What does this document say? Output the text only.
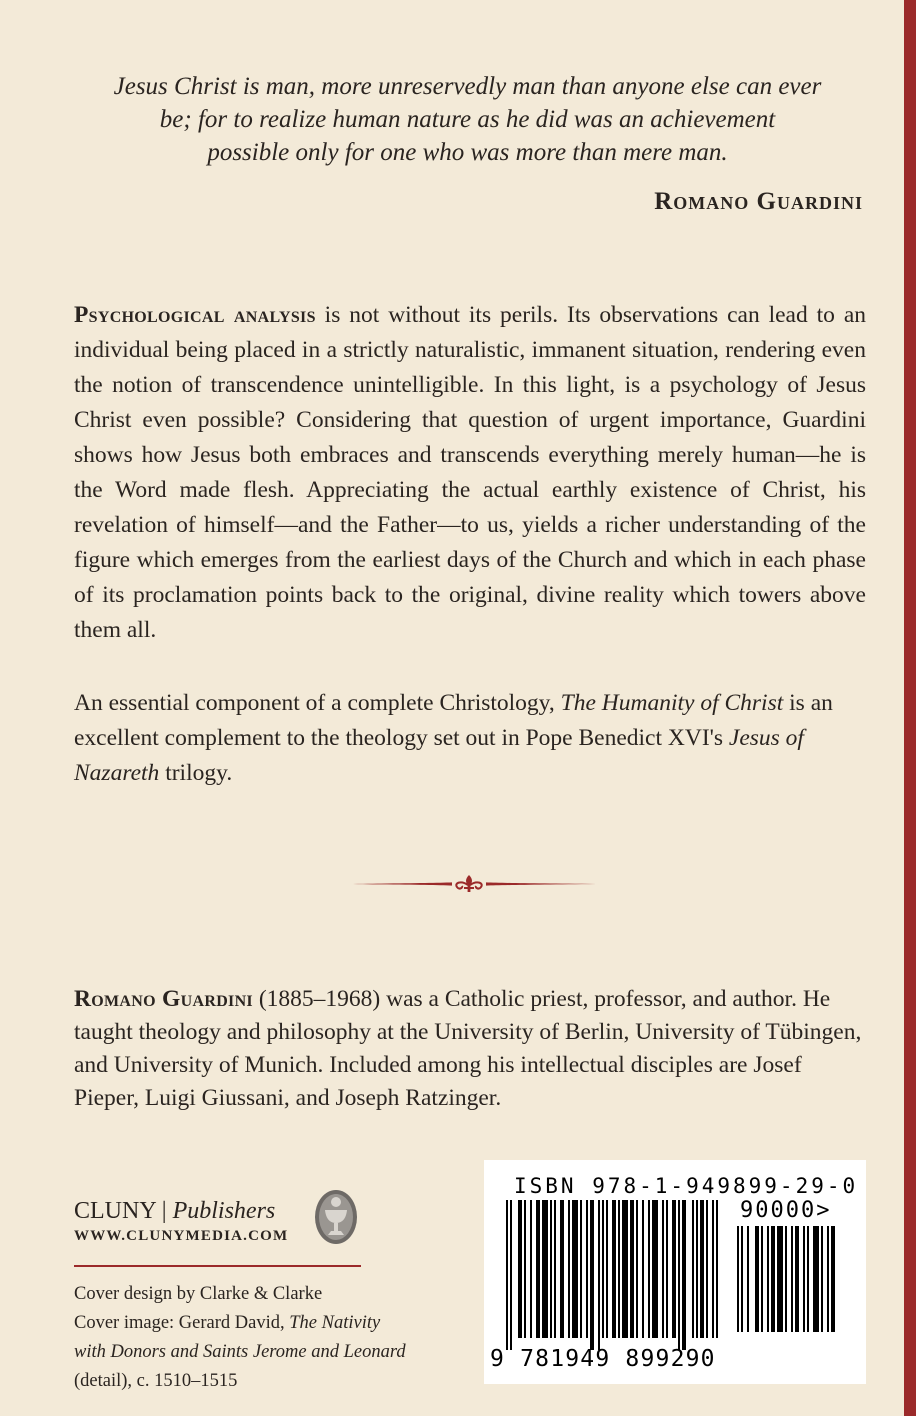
Jesus Christ is man, more unreservedly man than anyone else can ever
be; for to realize human nature as he did was an achievement
possible only for one who was more than mere man.
Romano Guardini

Psychological analysis is not without its perils. Its observations can lead to an individual being placed in a strictly naturalistic, immanent situation, rendering even the notion of transcendence unintelligible. In this light, is a psychology of Jesus Christ even possible? Considering that question of urgent importance, Guardini shows how Jesus both embraces and transcends everything merely human—he is the Word made flesh. Appreciating the actual earthly existence of Christ, his revelation of himself—and the Father—to us, yields a richer understanding of the figure which emerges from the earliest days of the Church and which in each phase of its proclamation points back to the original, divine reality which towers above them all.

An essential component of a complete Christology, The Humanity of Christ is an excellent complement to the theology set out in Pope Benedict XVI's Jesus of Nazareth trilogy.

Romano Guardini (1885–1968) was a Catholic priest, professor, and author. He taught theology and philosophy at the University of Berlin, University of Tübingen, and University of Munich. Included among his intellectual disciples are Josef Pieper, Luigi Giussani, and Joseph Ratzinger.

CLUNY | Publishers
WWW.CLUNYMEDIA.COM
Cover design by Clarke & Clarke
Cover image: Gerard David, The Nativity
with Donors and Saints Jerome and Leonard
(detail), c. 1510–1515
ISBN 978-1-949899-29-0
90000>
9 781949 899290
